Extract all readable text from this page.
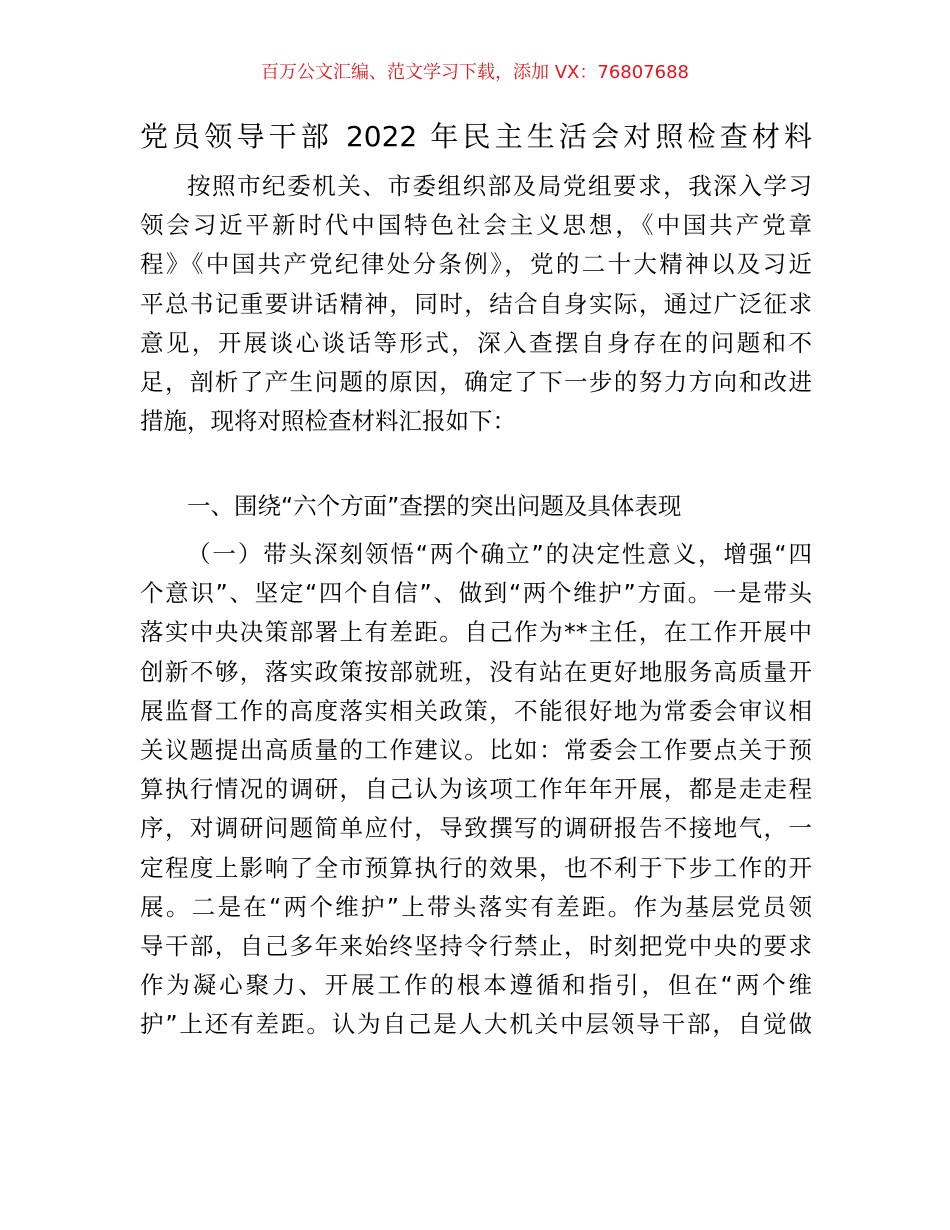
百万公文汇编、范文学习下载，添加 VX：76807688
党员领导干部 2022 年民主生活会对照检查材料
按照市纪委机关、市委组织部及局党组要求，我深入学习
领会习近平新时代中国特色社会主义思想，《中国共产党章
程》《中国共产党纪律处分条例》，党的二十大精神以及习近
平总书记重要讲话精神，同时，结合自身实际，通过广泛征求
意见，开展谈心谈话等形式，深入查摆自身存在的问题和不
足，剖析了产生问题的原因，确定了下一步的努力方向和改进
措施，现将对照检查材料汇报如下：
一、围绕“六个方面”查摆的突出问题及具体表现
（一）带头深刻领悟“两个确立”的决定性意义，增强“四
个意识”、坚定“四个自信”、做到“两个维护”方面。一是带头
落实中央决策部署上有差距。自己作为**主任，在工作开展中
创新不够，落实政策按部就班，没有站在更好地服务高质量开
展监督工作的高度落实相关政策，不能很好地为常委会审议相
关议题提出高质量的工作建议。比如：常委会工作要点关于预
算执行情况的调研，自己认为该项工作年年开展，都是走走程
序，对调研问题简单应付，导致撰写的调研报告不接地气，一
定程度上影响了全市预算执行的效果，也不利于下步工作的开
展。二是在“两个维护”上带头落实有差距。作为基层党员领
导干部，自己多年来始终坚持令行禁止，时刻把党中央的要求
作为凝心聚力、开展工作的根本遵循和指引，但在“两个维
护”上还有差距。认为自己是人大机关中层领导干部，自觉做
